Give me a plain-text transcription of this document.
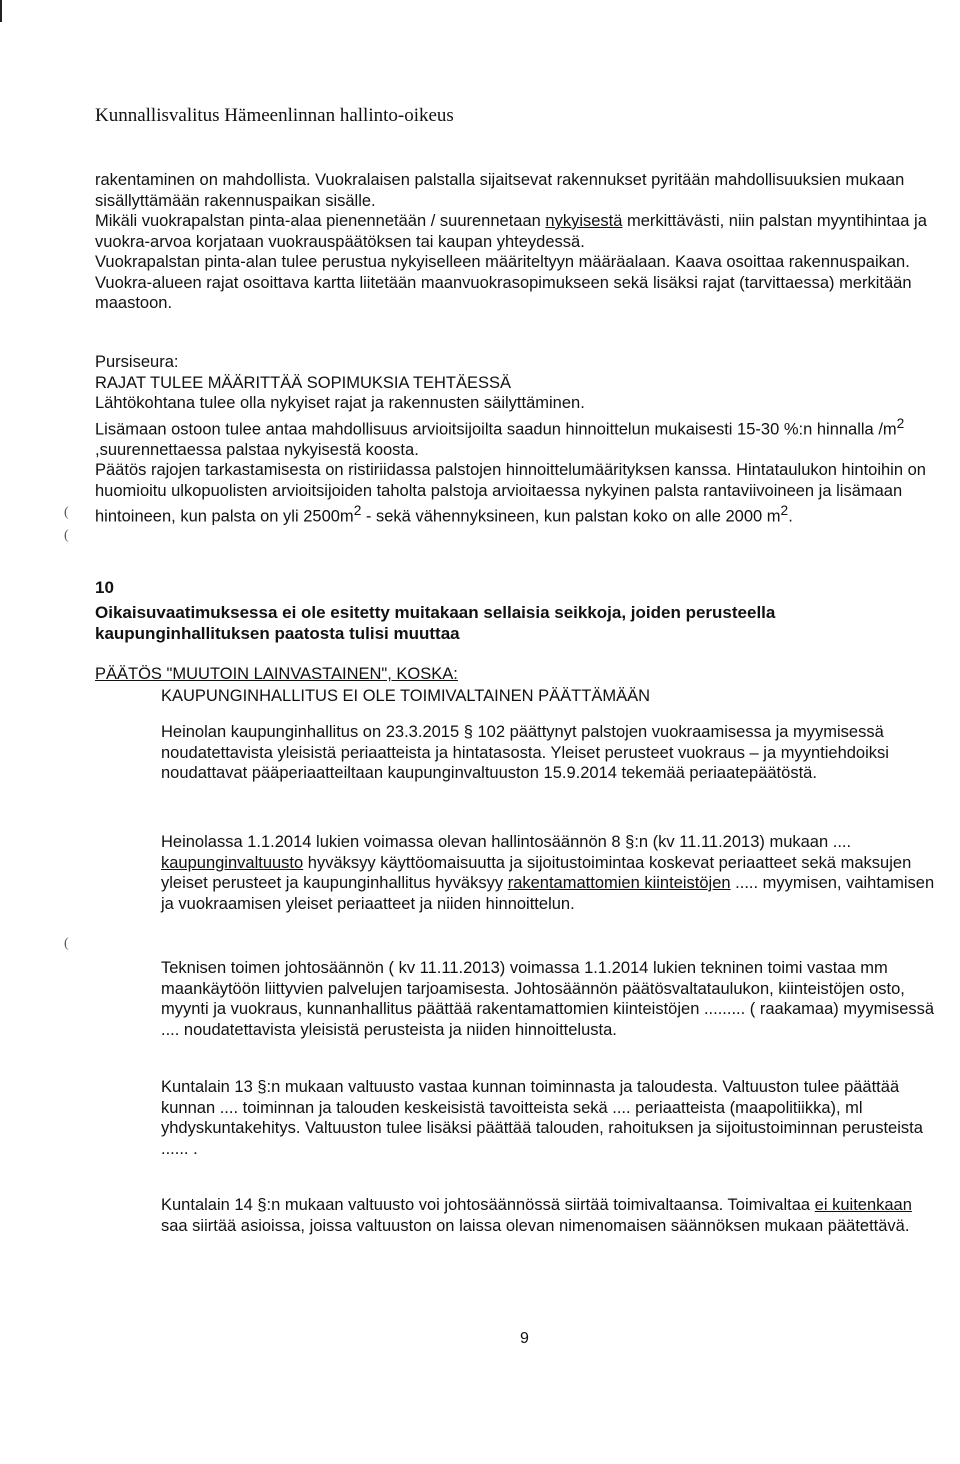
Kunnallisvalitus Hämeenlinnan hallinto-oikeus

rakentaminen on mahdollista. Vuokralaisen palstalla sijaitsevat rakennukset pyritään mahdollisuuksien mukaan sisällyttämään rakennuspaikan sisälle.

Mikäli vuokrapalstan pinta-alaa pienennetään / suurennetaan nykyisestä merkittävästi, niin palstan myyntihintaa ja vuokra-arvoa korjataan vuokrauspäätöksen tai kaupan yhteydessä.

Vuokrapalstan pinta-alan tulee perustua nykyiselleen määriteltyyn määräalaan. Kaava osoittaa rakennuspaikan. Vuokra-alueen rajat osoittava kartta liitetään maanvuokrasopimukseen sekä lisäksi rajat (tarvittaessa) merkitään maastoon.

Pursiseura:

RAJAT TULEE MÄÄRITTÄÄ SOPIMUKSIA TEHTÄESSÄ

Lähtökohtana tulee olla nykyiset rajat ja rakennusten säilyttäminen.

Lisämaan ostoon tulee antaa mahdollisuus arvioitsijoilta saadun hinnoittelun mukaisesti 15-30 %:n hinnalla $/m^2$ ,suurennettaessa palstaa nykyisestä koosta.

Päätös rajojen tarkastamisesta on ristiriidassa palstojen hinnoittelumäärityksen kanssa. Hintataulukon hintoihin on huomioitu ulkopuolisten arvioitsijoiden taholta palstoja arvioitaessa nykyinen palsta rantaviivoineen ja lisämaan hintoineen, kun palsta on yli $2500m^2$ - sekä vähennyksineen, kun palstan koko on alle 2000 $m^2$.

10
Oikaisuvaatimuksessa ei ole esitetty muitakaan sellaisia seikkoja, joiden perusteella kaupunginhallituksen paatosta tulisi muuttaa
PÄÄTÖS "MUUTOIN LAINVASTAINEN", KOSKA:
KAUPUNGINHALLITUS EI OLE TOIMIVALTAINEN PÄÄTTÄMÄÄN
Heinolan kaupunginhallitus on 23.3.2015 § 102 päättynyt palstojen vuokraamisessa ja myymisessä noudatettavista yleisistä periaatteista ja hintatasosta. Yleiset perusteet vuokraus – ja myyntiehdoiksi noudattavat pääperiaatteiltaan kaupunginvaltuuston 15.9.2014 tekemää periaatepäätöstä.
Heinolassa 1.1.2014 lukien voimassa olevan hallintosäännön 8 §:n (kv 11.11.2013) mukaan .... kaupunginvaltuusto hyväksyy käyttöomaisuutta ja sijoitustoimintaa koskevat periaatteet sekä maksujen yleiset perusteet ja kaupunginhallitus hyväksyy rakentamattomien kiinteistöjen ..... myymisen, vaihtamisen ja vuokraamisen yleiset periaatteet ja niiden hinnoittelun.
Teknisen toimen johtosäännön ( kv 11.11.2013) voimassa 1.1.2014 lukien tekninen toimi vastaa mm maankäytöön liittyvien palvelujen tarjoamisesta. Johtosäännön päätösvaltataulukon, kiinteistöjen osto, myynti ja vuokraus, kunnanhallitus päättää rakentamattomien kiinteistöjen ......... ( raakamaa) myymisessä .... noudatettavista yleisistä perusteista ja niiden hinnoittelusta.
Kuntalain 13 §:n mukaan valtuusto vastaa kunnan toiminnasta ja taloudesta. Valtuuston tulee päättää kunnan .... toiminnan ja talouden keskeisistä tavoitteista sekä .... periaatteista (maapolitiikka), ml yhdyskuntakehitys. Valtuuston tulee lisäksi päättää talouden, rahoituksen ja sijoitustoiminnan perusteista ...... .
Kuntalain 14 §:n mukaan valtuusto voi johtosäännössä siirtää toimivaltaansa. Toimivaltaa ei kuitenkaan saa siirtää asioissa, joissa valtuuston on laissa olevan nimenomaisen säännöksen mukaan päätettävä.
9
(
(
(
